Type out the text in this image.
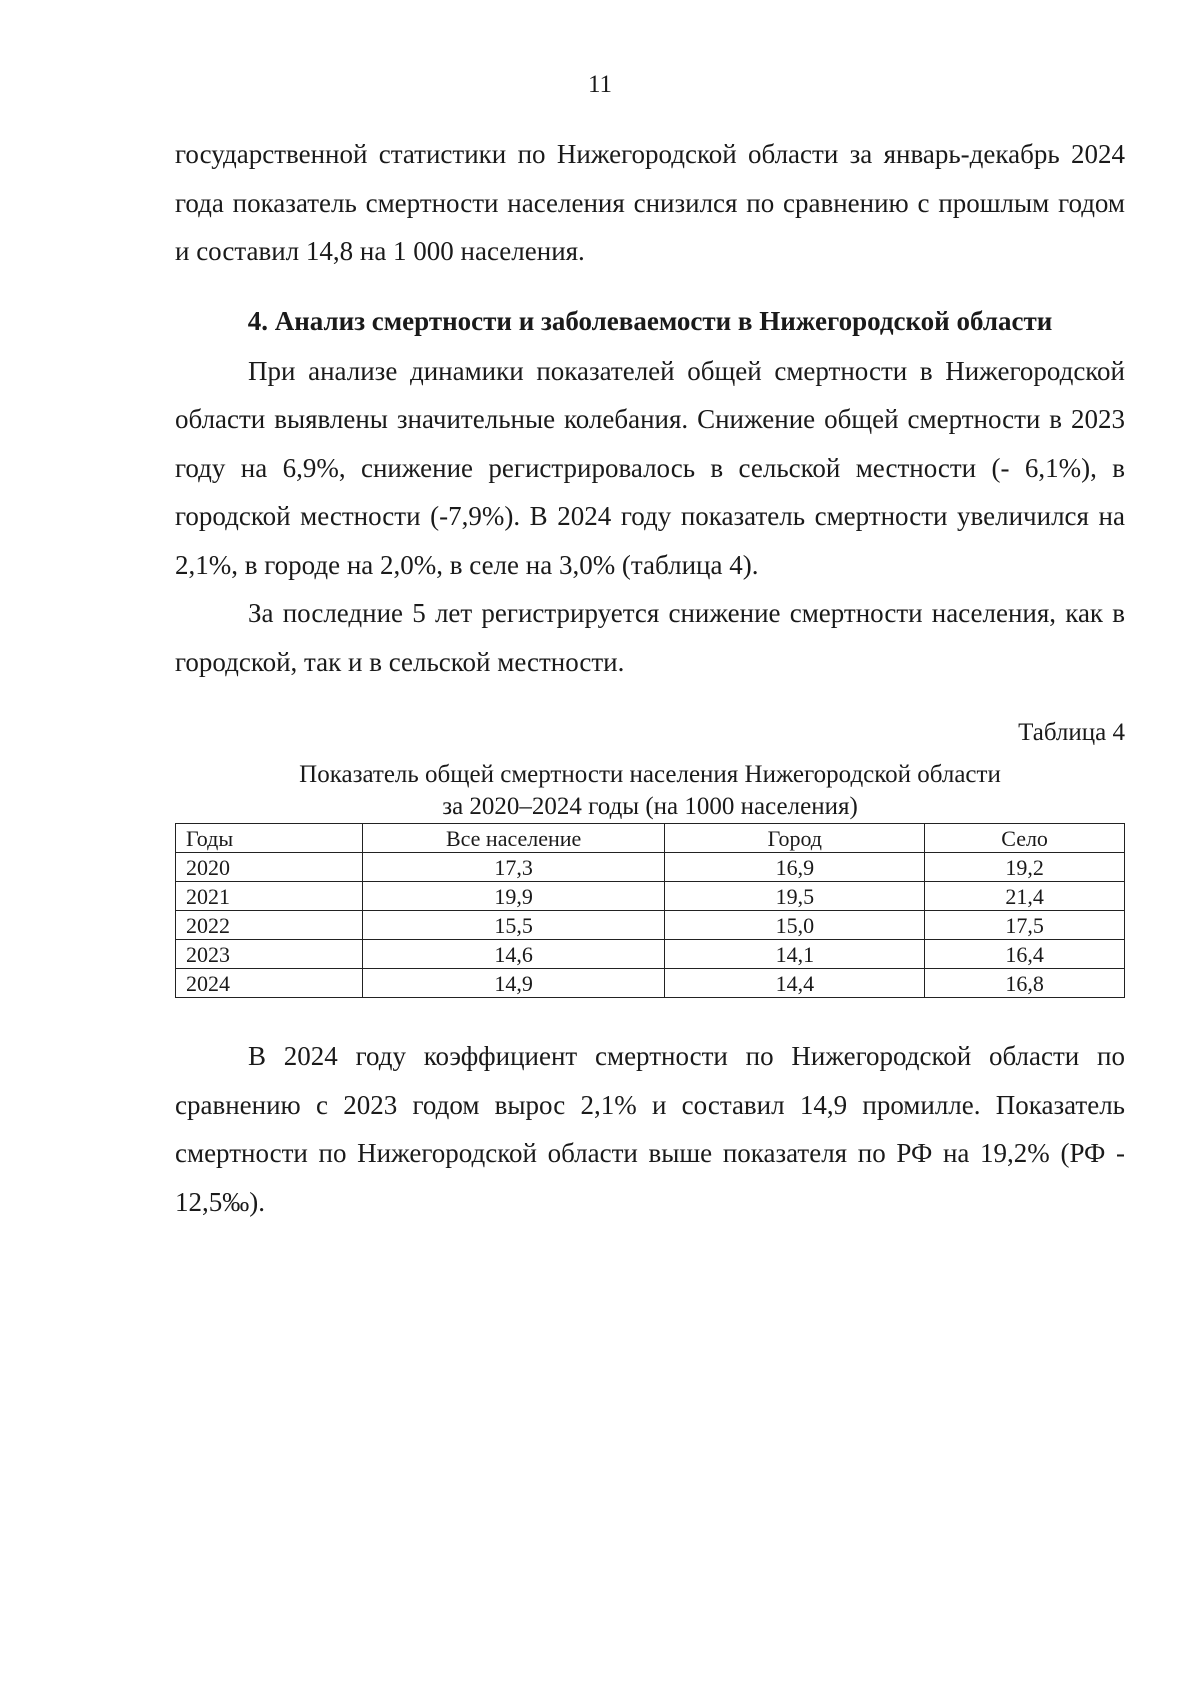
11

государственной статистики по Нижегородской области за январь-декабрь 2024 года показатель смертности населения снизился по сравнению с прошлым годом и составил 14,8 на 1 000 населения.

4. Анализ смертности и заболеваемости в Нижегородской области

При анализе динамики показателей общей смертности в Нижегородской области выявлены значительные колебания. Снижение общей смертности в 2023 году на 6,9%, снижение регистрировалось в сельской местности (- 6,1%), в городской местности (-7,9%). В 2024 году показатель смертности увеличился на 2,1%, в городе на 2,0%, в селе на 3,0% (таблица 4).

За последние 5 лет регистрируется снижение смертности населения, как в городской, так и в сельской местности.

Таблица 4
Показатель общей смертности населения Нижегородской области
за 2020–2024 годы (на 1000 населения)
Годы	Все население	Город	Село
2020	17,3	16,9	19,2
2021	19,9	19,5	21,4
2022	15,5	15,0	17,5
2023	14,6	14,1	16,4
2024	14,9	14,4	16,8

В 2024 году коэффициент смертности по Нижегородской области по сравнению с 2023 годом вырос 2,1% и составил 14,9 промилле. Показатель смертности по Нижегородской области выше показателя по РФ на 19,2% (РФ - 12,5‰).
